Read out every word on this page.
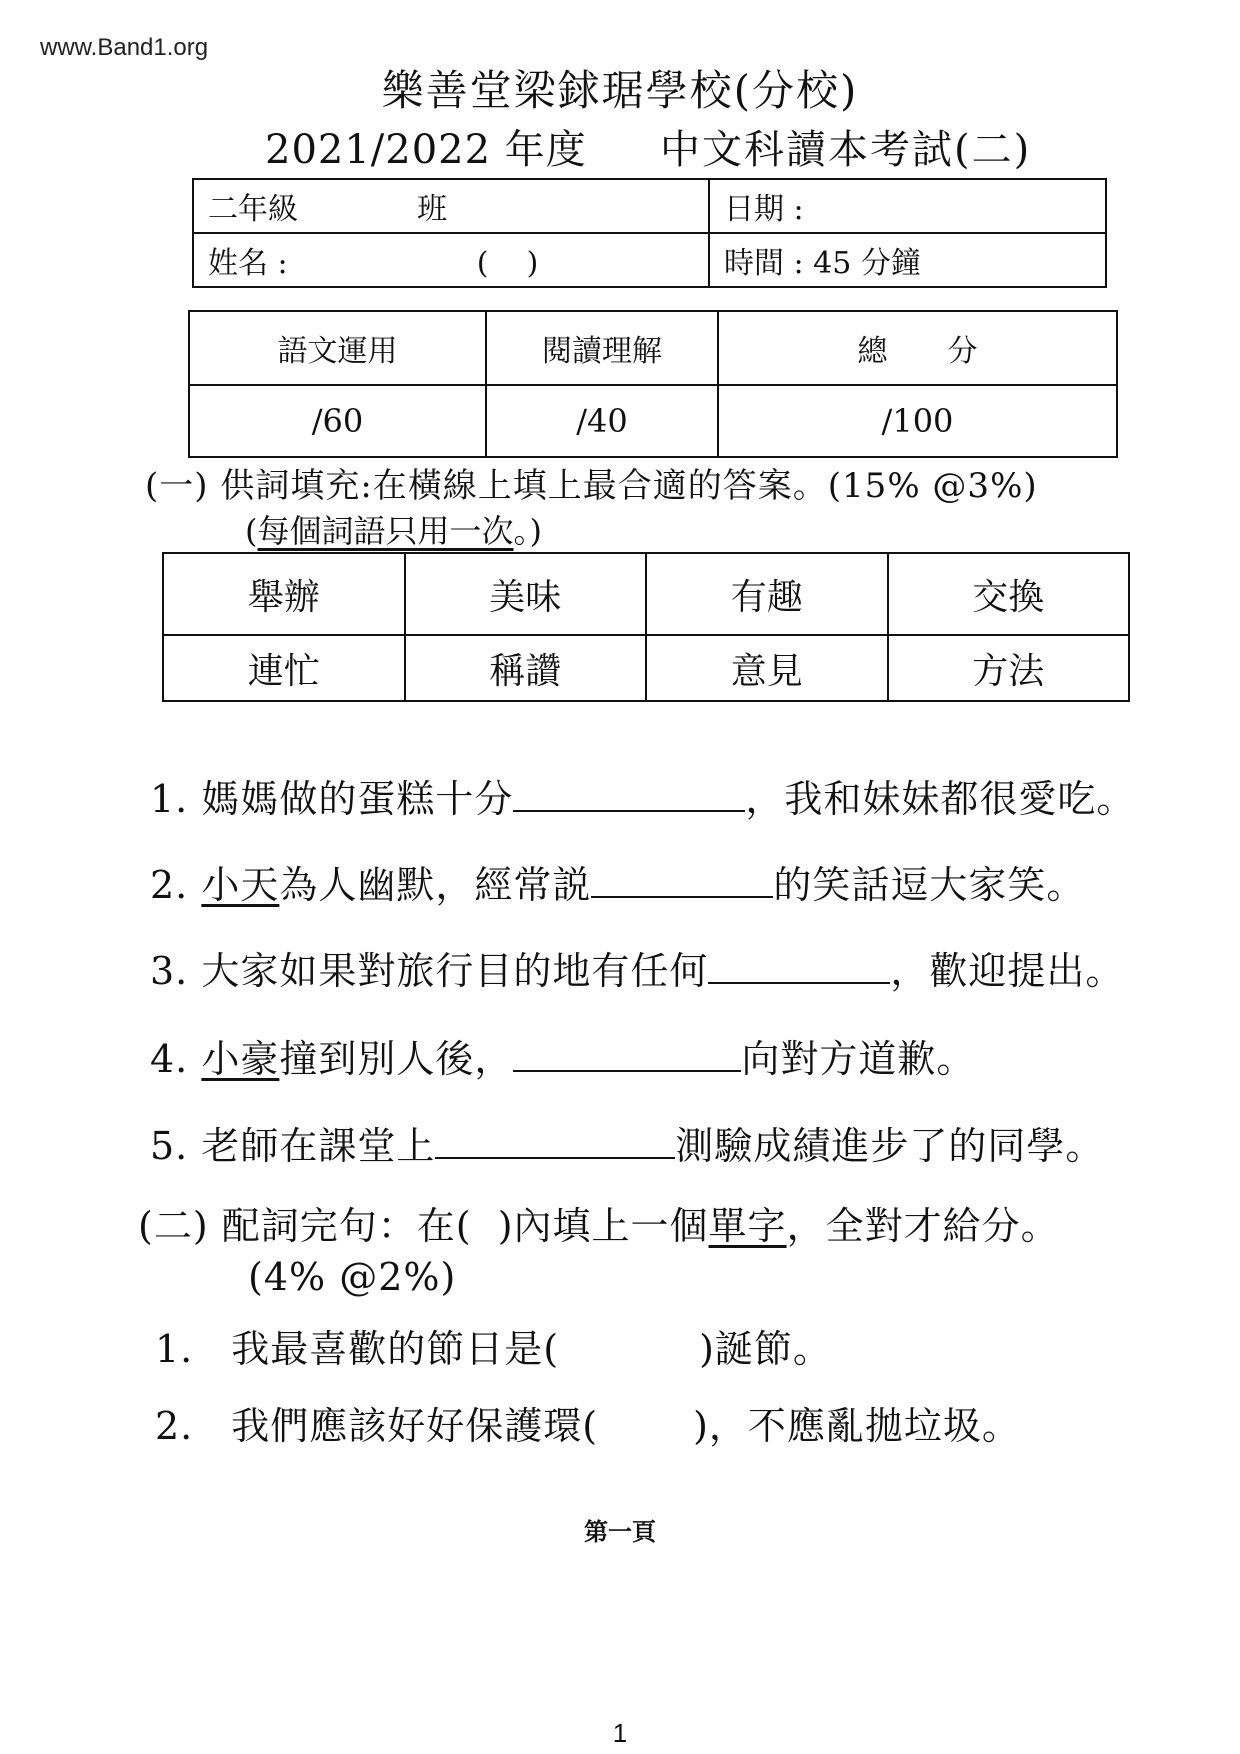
www.Band1.org
樂善堂梁銶琚學校(分校)
2021/2022 年度 中文科讀本考試(二)
二年級 班	日期 :
姓名 : (    )	時間 : 45 分鐘
語文運用	閱讀理解	總　　分
/60	/40	/100
(一) 供詞填充:在橫線上填上最合適的答案。(15% @3%)
(每個詞語只用一次。)
舉辦	美味	有趣	交換
連忙	稱讚	意見	方法
1. 媽媽做的蛋糕十分	，我和妹妹都很愛吃。
2. 小天為人幽默，經常説	的笑話逗大家笑。
3. 大家如果對旅行目的地有任何	，歡迎提出。
4. 小豪撞到別人後，	向對方道歉。
5. 老師在課堂上	測驗成績進步了的同學。
(二) 配詞完句：在(  )內填上一個單字，全對才給分。
(4% @2%)
1. 我最喜歡的節日是(	)誕節。
2. 我們應該好好保護環(	)，不應亂拋垃圾。
第一頁
1
